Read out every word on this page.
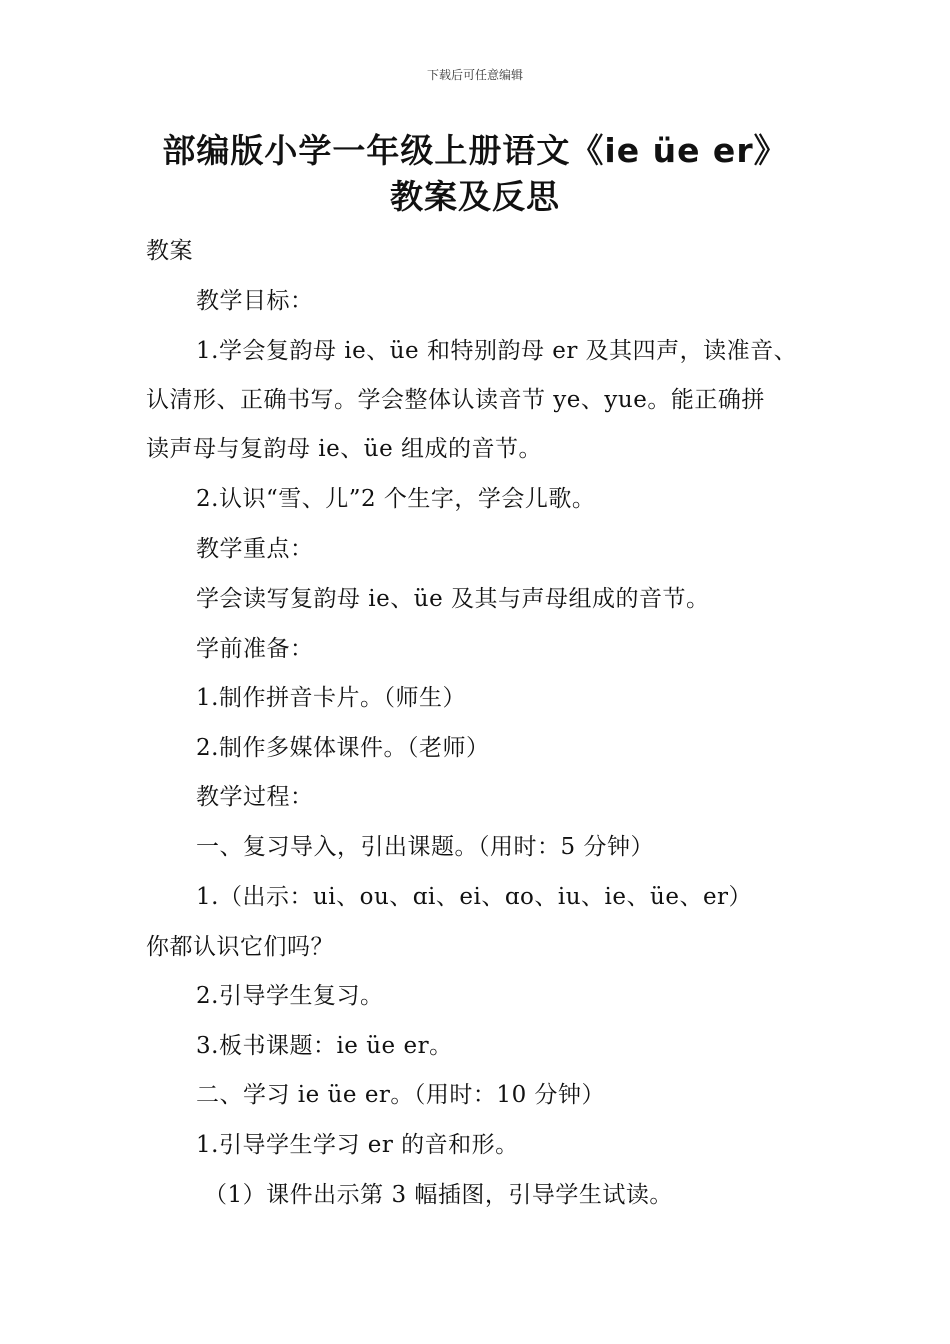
下载后可任意编辑
部编版小学一年级上册语文《ie üe er》
教案及反思
教案
教学目标：
1.学会复韵母 ie、üe 和特别韵母 er 及其四声，读准音、
认清形、正确书写。学会整体认读音节 ye、yue。能正确拼
读声母与复韵母 ie、üe 组成的音节。
2.认识“雪、儿”2 个生字，学会儿歌。
教学重点：
学会读写复韵母 ie、üe 及其与声母组成的音节。
学前准备：
1.制作拼音卡片。（师生）
2.制作多媒体课件。（老师）
教学过程：
一、复习导入，引出课题。（用时：5 分钟）
1.（出示：ui、ou、ɑi、ei、ɑo、iu、ie、üe、er）
你都认识它们吗？
2.引导学生复习。
3.板书课题：ie üe er。
二、学习 ie üe er。（用时：10 分钟）
1.引导学生学习 er 的音和形。
（1）课件出示第 3 幅插图，引导学生试读。
